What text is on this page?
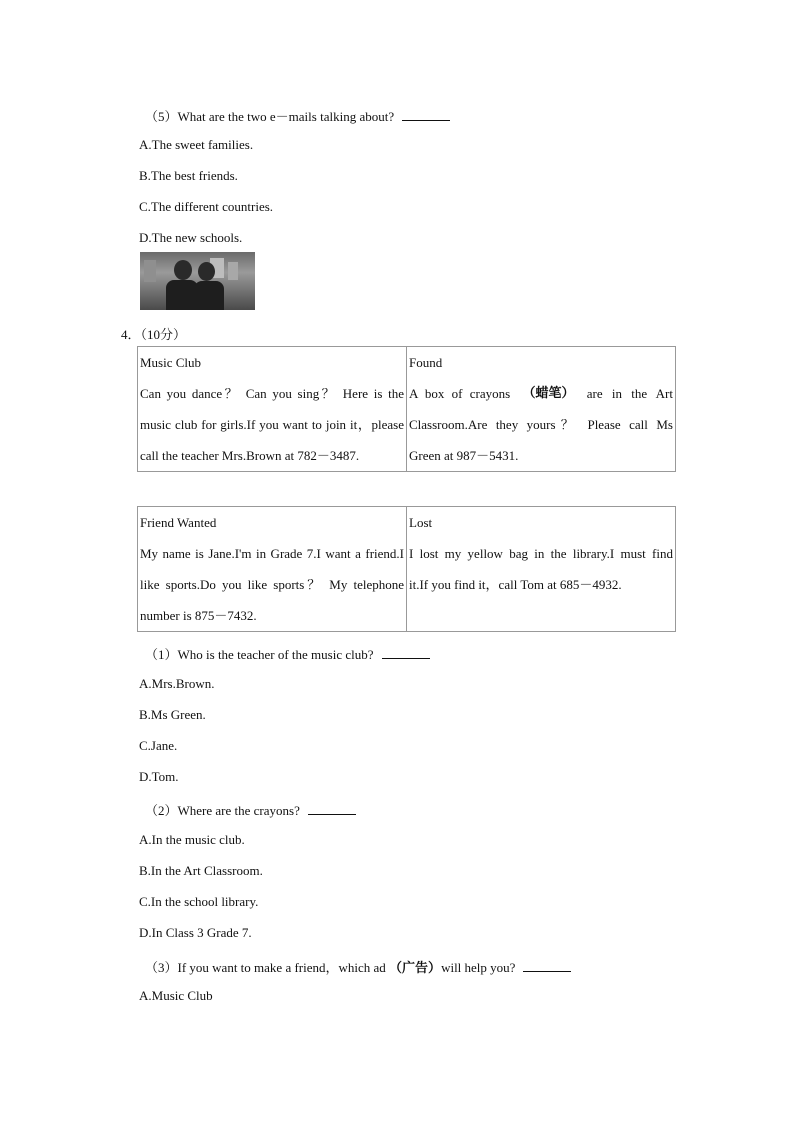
（5）What are the two e－mails talking about?
A.The sweet families.
B.The best friends.
C.The different countries.
D.The new schools.
4．（10分）
Music Club
Can you dance？ Can you sing？ Here is the
music club for girls.If you want to join it，please
call the teacher Mrs.Brown at 782－3487.

Found
A box of crayons （蜡笔） are in the Art
Classroom.Are they yours？ Please call Ms
Green at 987－5431.
Friend Wanted
My name is Jane.I'm in Grade 7.I want a friend.I
like sports.Do you like sports？ My telephone
number is 875－7432.

Lost
I lost my yellow bag in the library.I must find
it.If you find it，call Tom at 685－4932.
（1）Who is the teacher of the music club?
A.Mrs.Brown.
B.Ms Green.
C.Jane.
D.Tom.
（2）Where are the crayons?
A.In the music club.
B.In the Art Classroom.
C.In the school library.
D.In Class 3 Grade 7.
（3）If you want to make a friend，which ad （广告）will help you?
A.Music Club
